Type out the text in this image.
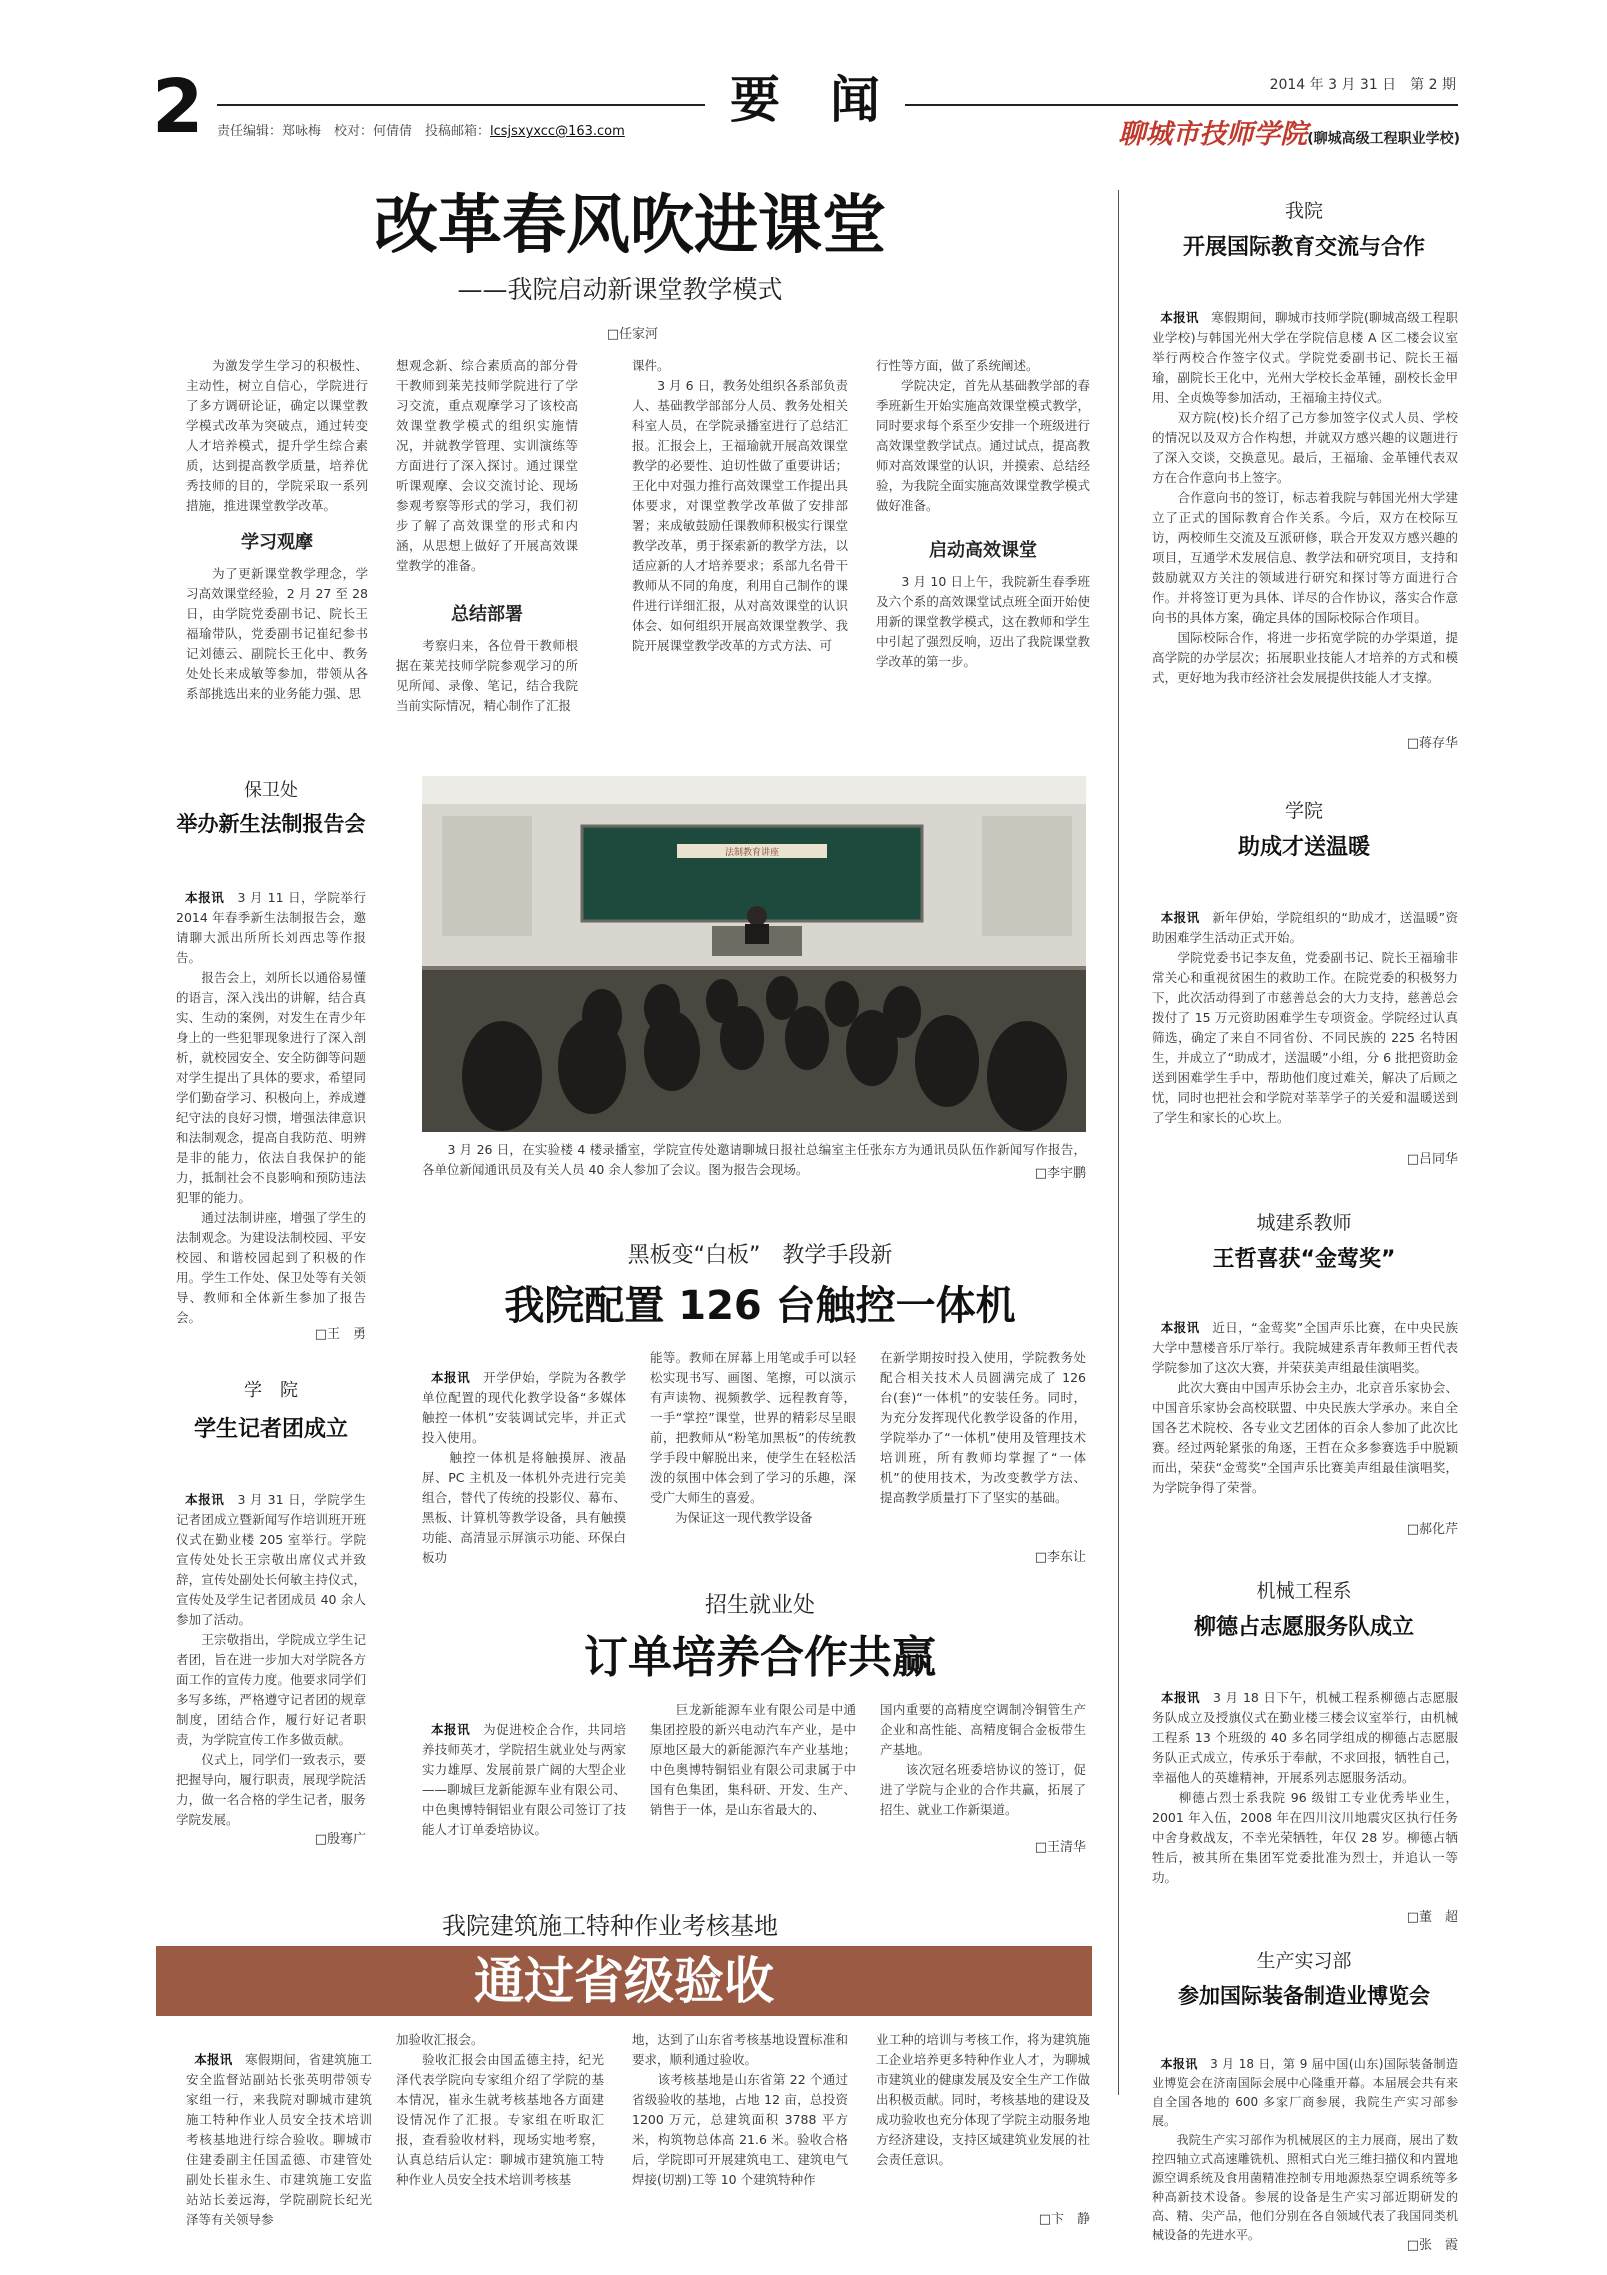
2 责任编辑：郑咏梅　校对：何倩倩　投稿邮箱：lcsjsxyxcc@163.com
要　闻	2014 年 3 月 31 日　第 2 期
聊城市技师学院(聊城高级工程职业学校)
改革春风吹进课堂
——我院启动新课堂教学模式
□任家河
　　为激发学生学习的积极性、主动性，树立自信心，学院进行了多方调研论证，确定以课堂教学模式改革为突破点，通过转变人才培养模式，提升学生综合素质，达到提高教学质量，培养优秀技师的目的，学院采取一系列措施，推进课堂教学改革。
学习观摩
　　为了更新课堂教学理念，学习高效课堂经验，2 月 27 至 28 日，由学院党委副书记、院长王福瑜带队，党委副书记崔纪参书记刘德云、副院长王化中、教务处处长来成敏等参加，带领从各系部挑选出来的业务能力强、思
想观念新、综合素质高的部分骨干教师到莱芜技师学院进行了学习交流，重点观摩学习了该校高效课堂教学模式的组织实施情况，并就教学管理、实训演练等方面进行了深入探讨。通过课堂听课观摩、会议交流讨论、现场参观考察等形式的学习，我们初步了解了高效课堂的形式和内涵，从思想上做好了开展高效课堂教学的准备。
总结部署
　　考察归来，各位骨干教师根据在莱芜技师学院参观学习的所见所闻、录像、笔记，结合我院当前实际情况，精心制作了汇报
课件。
　　3 月 6 日，教务处组织各系部负责人、基础教学部部分人员、教务处相关科室人员，在学院录播室进行了总结汇报。汇报会上，王福瑜就开展高效课堂教学的必要性、迫切性做了重要讲话；王化中对强力推行高效课堂工作提出具体要求，对课堂教学改革做了安排部署；来成敏鼓励任课教师积极实行课堂教学改革，勇于探索新的教学方法，以适应新的人才培养要求；系部九名骨干教师从不同的角度，利用自己制作的课件进行详细汇报，从对高效课堂的认识体会、如何组织开展高效课堂教学、我院开展课堂教学改革的方式方法、可
行性等方面，做了系统阐述。
　　学院决定，首先从基础教学部的春季班新生开始实施高效课堂模式教学，同时要求每个系至少安排一个班级进行高效课堂教学试点。通过试点，提高教师对高效课堂的认识，并摸索、总结经验，为我院全面实施高效课堂教学模式做好准备。
启动高效课堂
　　3 月 10 日上午，我院新生春季班及六个系的高效课堂试点班全面开始使用新的课堂教学模式，这在教师和学生中引起了强烈反响，迈出了我院课堂教学改革的第一步。
法制教育讲座
　　3 月 26 日，在实验楼 4 楼录播室，学院宣传处邀请聊城日报社总编室主任张东方为通讯员队伍作新闻写作报告，各单位新闻通讯员及有关人员 40 余人参加了会议。图为报告会现场。	□李宇鹏
保卫处
举办新生法制报告会

本报讯　3 月 11 日，学院举行 2014 年春季新生法制报告会，邀请聊大派出所所长刘西忠等作报告。
　　报告会上，刘所长以通俗易懂的语言，深入浅出的讲解，结合真实、生动的案例，对发生在青少年身上的一些犯罪现象进行了深入剖析，就校园安全、安全防御等问题对学生提出了具体的要求，希望同学们勤奋学习、积极向上，养成遵纪守法的良好习惯，增强法律意识和法制观念，提高自我防范、明辨是非的能力，依法自我保护的能力，抵制社会不良影响和预防违法犯罪的能力。
　　通过法制讲座，增强了学生的法制观念。为建设法制校园、平安校园、和谐校园起到了积极的作用。学生工作处、保卫处等有关领导、教师和全体新生参加了报告会。

□王　勇
学　院
学生记者团成立

本报讯　3 月 31 日，学院学生记者团成立暨新闻写作培训班开班仪式在勤业楼 205 室举行。学院宣传处处长王宗敬出席仪式并致辞，宣传处副处长何敏主持仪式，宣传处及学生记者团成员 40 余人参加了活动。
　　王宗敬指出，学院成立学生记者团，旨在进一步加大对学院各方面工作的宣传力度。他要求同学们多写多练，严格遵守记者团的规章制度，团结合作，履行好记者职责，为学院宣传工作多做贡献。
　　仪式上，同学们一致表示，要把握导向，履行职责，展现学院活力，做一名合格的学生记者，服务学院发展。

□殷骞广
黑板变“白板”　教学手段新
我院配置 126 台触控一体机

本报讯　开学伊始，学院为各教学单位配置的现代化教学设备“多媒体触控一体机”安装调试完毕，并正式投入使用。
　　触控一体机是将触摸屏、液晶屏、PC 主机及一体机外壳进行完美组合，替代了传统的投影仪、幕布、黑板、计算机等教学设备，具有触摸功能、高清显示屏演示功能、环保白板功

能等。教师在屏幕上用笔或手可以轻松实现书写、画图、笔擦，可以演示有声读物、视频教学、远程教育等，一手“掌控”课堂，世界的精彩尽呈眼前，把教师从“粉笔加黑板”的传统教学手段中解脱出来，使学生在轻松活泼的氛围中体会到了学习的乐趣，深受广大师生的喜爱。
　　为保证这一现代教学设备
在新学期按时投入使用，学院教务处配合相关技术人员圆满完成了 126 台(套)“一体机”的安装任务。同时，为充分发挥现代化教学设备的作用，学院举办了“一体机”使用及管理技术培训班，所有教师均掌握了“一体机”的使用技术，为改变教学方法、提高教学质量打下了坚实的基础。
□李东让
招生就业处
订单培养合作共赢

本报讯　为促进校企合作，共同培养技师英才，学院招生就业处与两家实力雄厚、发展前景广阔的大型企业——聊城巨龙新能源车业有限公司、中色奥博特铜铝业有限公司签订了技能人才订单委培协议。

　　巨龙新能源车业有限公司是中通集团控股的新兴电动汽车产业，是中原地区最大的新能源汽车产业基地；中色奥博特铜铝业有限公司隶属于中国有色集团，集科研、开发、生产、销售于一体，是山东省最大的、
国内重要的高精度空调制冷铜管生产企业和高性能、高精度铜合金板带生产基地。
　　该次冠名班委培协议的签订，促进了学院与企业的合作共赢，拓展了招生、就业工作新渠道。
□王清华
我院建筑施工特种作业考核基地
通过省级验收

本报讯　寒假期间，省建筑施工安全监督站副站长张英明带领专家组一行，来我院对聊城市建筑施工特种作业人员安全技术培训考核基地进行综合验收。聊城市住建委副主任国孟德、市建管处副处长崔永生、市建筑施工安监站站长姜远海，学院副院长纪光泽等有关领导参

加验收汇报会。
　　验收汇报会由国孟德主持，纪光泽代表学院向专家组介绍了学院的基本情况，崔永生就考核基地各方面建设情况作了汇报。专家组在听取汇报，查看验收材料，现场实地考察，认真总结后认定：聊城市建筑施工特种作业人员安全技术培训考核基
地，达到了山东省考核基地设置标准和要求，顺利通过验收。
　　该考核基地是山东省第 22 个通过省级验收的基地，占地 12 亩，总投资 1200 万元，总建筑面积 3788 平方米，构筑物总体高 21.6 米。验收合格后，学院即可开展建筑电工、建筑电气焊接(切割)工等 10 个建筑特种作
业工种的培训与考核工作，将为建筑施工企业培养更多特种作业人才，为聊城市建筑业的健康发展及安全生产工作做出积极贡献。同时，考核基地的建设及成功验收也充分体现了学院主动服务地方经济建设，支持区域建筑业发展的社会责任意识。
□卞　静
我院
开展国际教育交流与合作

本报讯　寒假期间，聊城市技师学院(聊城高级工程职业学校)与韩国光州大学在学院信息楼 A 区二楼会议室举行两校合作签字仪式。学院党委副书记、院长王福瑜，副院长王化中，光州大学校长金革锺，副校长金甲用、全贞焕等参加活动，王福瑜主持仪式。
　　双方院(校)长介绍了己方参加签字仪式人员、学校的情况以及双方合作构想，并就双方感兴趣的议题进行了深入交谈，交换意见。最后，王福瑜、金革锺代表双方在合作意向书上签字。
　　合作意向书的签订，标志着我院与韩国光州大学建立了正式的国际教育合作关系。今后，双方在校际互访，两校师生交流及互派研修，联合开发双方感兴趣的项目，互通学术发展信息、教学法和研究项目，支持和鼓励就双方关注的领域进行研究和探讨等方面进行合作。并将签订更为具体、详尽的合作协议，落实合作意向书的具体方案，确定具体的国际校际合作项目。
　　国际校际合作，将进一步拓宽学院的办学渠道，提高学院的办学层次；拓展职业技能人才培养的方式和模式，更好地为我市经济社会发展提供技能人才支撑。

□蒋存华
学院
助成才送温暖

本报讯　新年伊始，学院组织的“助成才，送温暖”资助困难学生活动正式开始。
　　学院党委书记李友鱼，党委副书记、院长王福瑜非常关心和重视贫困生的救助工作。在院党委的积极努力下，此次活动得到了市慈善总会的大力支持，慈善总会拨付了 15 万元资助困难学生专项资金。学院经过认真筛选，确定了来自不同省份、不同民族的 225 名特困生，并成立了“助成才，送温暖”小组，分 6 批把资助金送到困难学生手中，帮助他们度过难关，解决了后顾之忧，同时也把社会和学院对莘莘学子的关爱和温暖送到了学生和家长的心坎上。

□吕同华
城建系教师
王哲喜获“金莺奖”

本报讯　近日，“金莺奖”全国声乐比赛，在中央民族大学中慧楼音乐厅举行。我院城建系青年教师王哲代表学院参加了这次大赛，并荣获美声组最佳演唱奖。
　　此次大赛由中国声乐协会主办，北京音乐家协会、中国音乐家协会高校联盟、中央民族大学承办。来自全国各艺术院校、各专业文艺团体的百余人参加了此次比赛。经过两轮紧张的角逐，王哲在众多参赛选手中脱颖而出，荣获“金莺奖”全国声乐比赛美声组最佳演唱奖，为学院争得了荣誉。

□郝化芹
机械工程系
柳德占志愿服务队成立

本报讯　3 月 18 日下午，机械工程系柳德占志愿服务队成立及授旗仪式在勤业楼三楼会议室举行，由机械工程系 13 个班级的 40 多名同学组成的柳德占志愿服务队正式成立，传承乐于奉献，不求回报，牺牲自己，幸福他人的英雄精神，开展系列志愿服务活动。
　　柳德占烈士系我院 96 级钳工专业优秀毕业生，2001 年入伍，2008 年在四川汶川地震灾区执行任务中舍身救战友，不幸光荣牺牲，年仅 28 岁。柳德占牺牲后，被其所在集团军党委批准为烈士，并追认一等功。

□董　超
生产实习部
参加国际装备制造业博览会

本报讯　3 月 18 日，第 9 届中国(山东)国际装备制造业博览会在济南国际会展中心隆重开幕。本届展会共有来自全国各地的 600 多家厂商参展，我院生产实习部参展。
　　我院生产实习部作为机械展区的主力展商，展出了数控四轴立式高速雕铣机、照相式白光三维扫描仪和内置地源空调系统及食用菌精准控制专用地源热泵空调系统等多种高新技术设备。参展的设备是生产实习部近期研发的高、精、尖产品，他们分别在各自领域代表了我国同类机械设备的先进水平。

□张　霞
